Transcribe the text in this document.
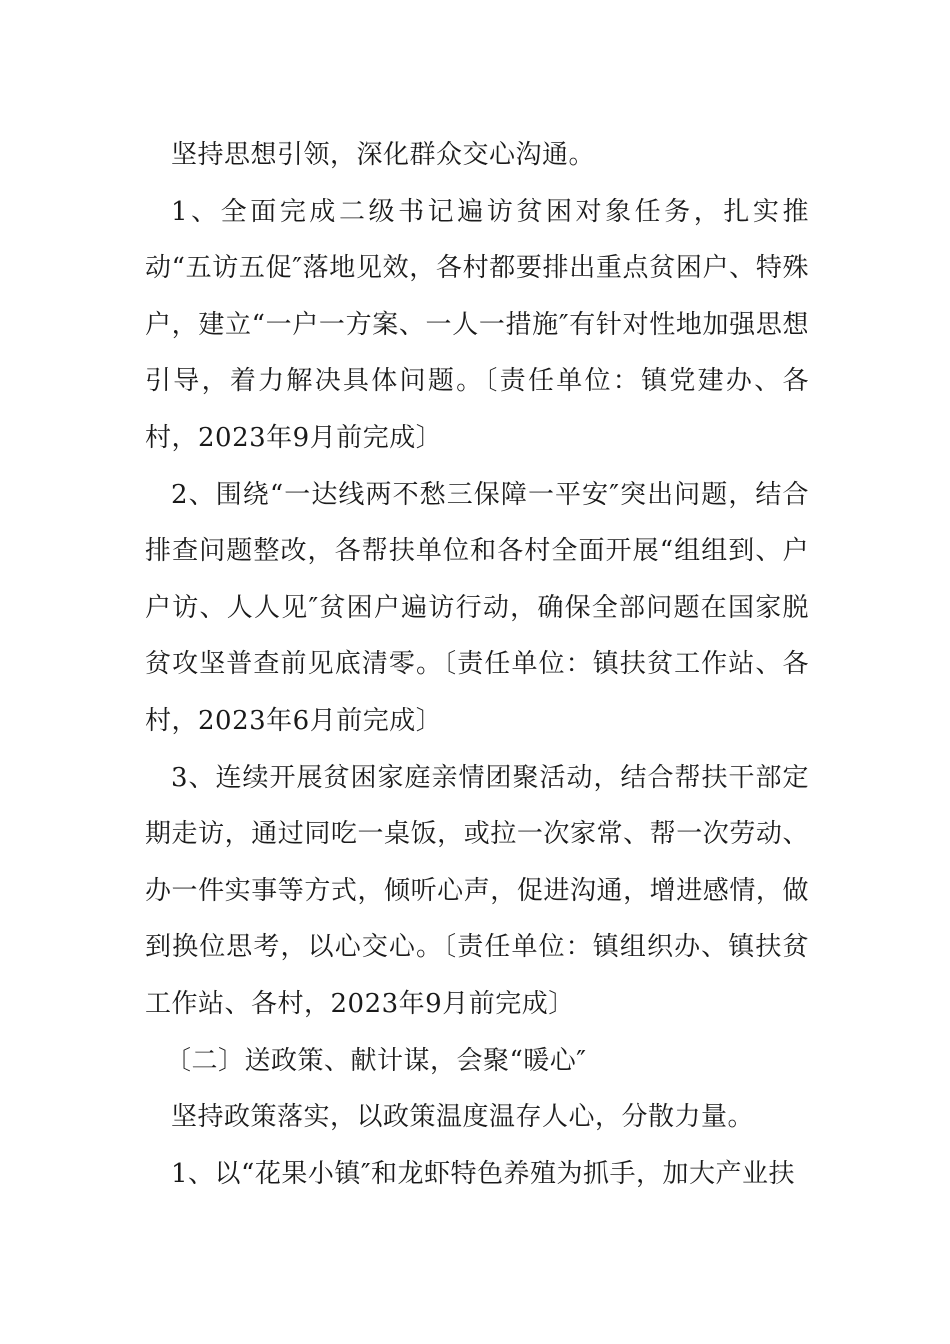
坚持思想引领，深化群众交心沟通。

1、全面完成二级书记遍访贫困对象任务，扎实推动“五访五促″落地见效，各村都要排出重点贫困户、特殊户，建立“一户一方案、一人一措施″有针对性地加强思想引导，着力解决具体问题。〔责任单位：镇党建办、各村，2023年9月前完成〕

2、围绕“一达线两不愁三保障一平安″突出问题，结合排查问题整改，各帮扶单位和各村全面开展“组组到、户户访、人人见″贫困户遍访行动，确保全部问题在国家脱贫攻坚普查前见底清零。〔责任单位：镇扶贫工作站、各村，2023年6月前完成〕

3、连续开展贫困家庭亲情团聚活动，结合帮扶干部定期走访，通过同吃一桌饭，或拉一次家常、帮一次劳动、办一件实事等方式，倾听心声，促进沟通，增进感情，做到换位思考，以心交心。〔责任单位：镇组织办、镇扶贫工作站、各村，2023年9月前完成〕

〔二〕送政策、献计谋，会聚“暖心″

坚持政策落实，以政策温度温存人心，分散力量。

1、以“花果小镇″和龙虾特色养殖为抓手，加大产业扶
